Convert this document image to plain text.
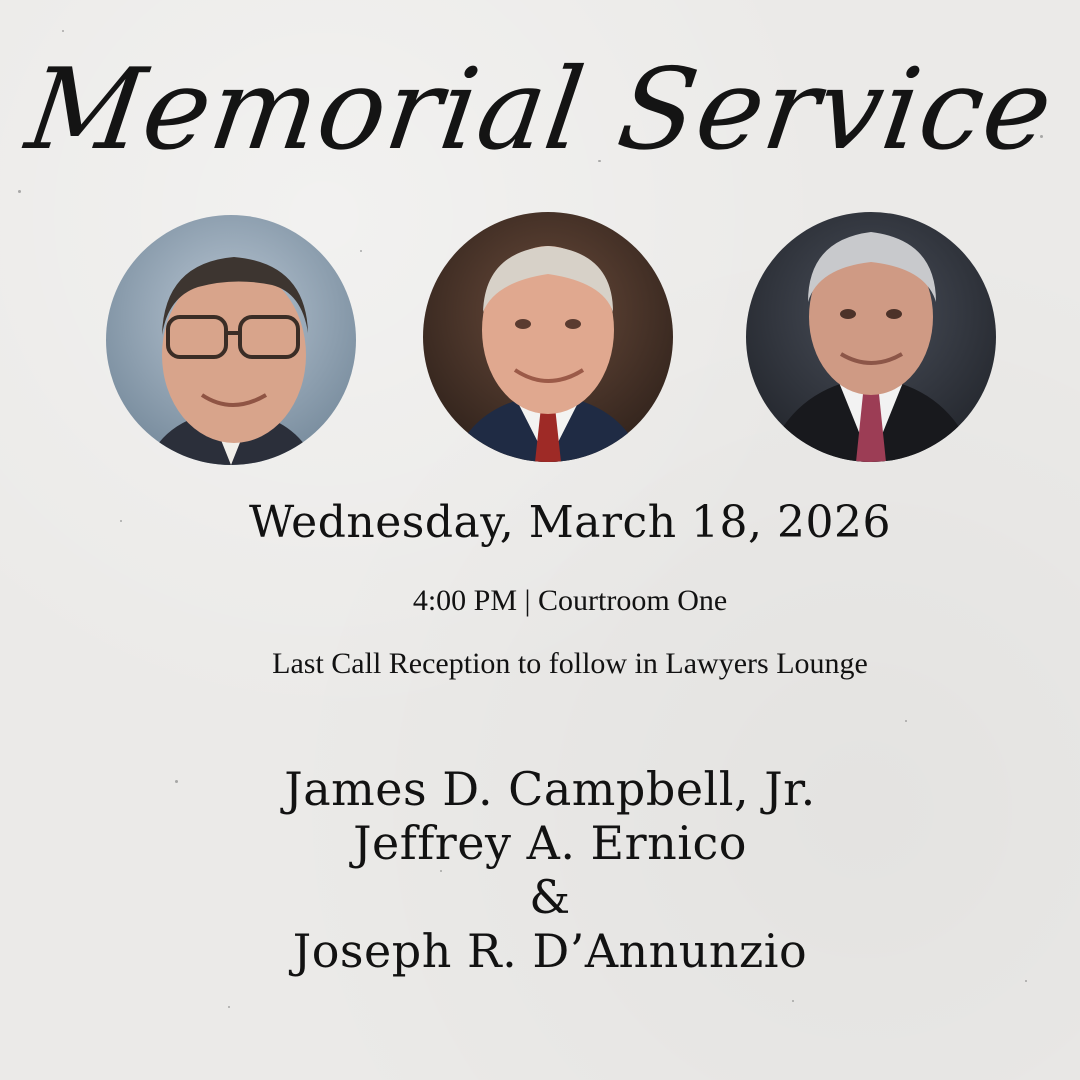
Memorial Service
Wednesday, March 18, 2026
4:00 PM | Courtroom One
Last Call Reception to follow in Lawyers Lounge
James D. Campbell, Jr.
Jeffrey A. Ernico
&
Joseph R. D’Annunzio
